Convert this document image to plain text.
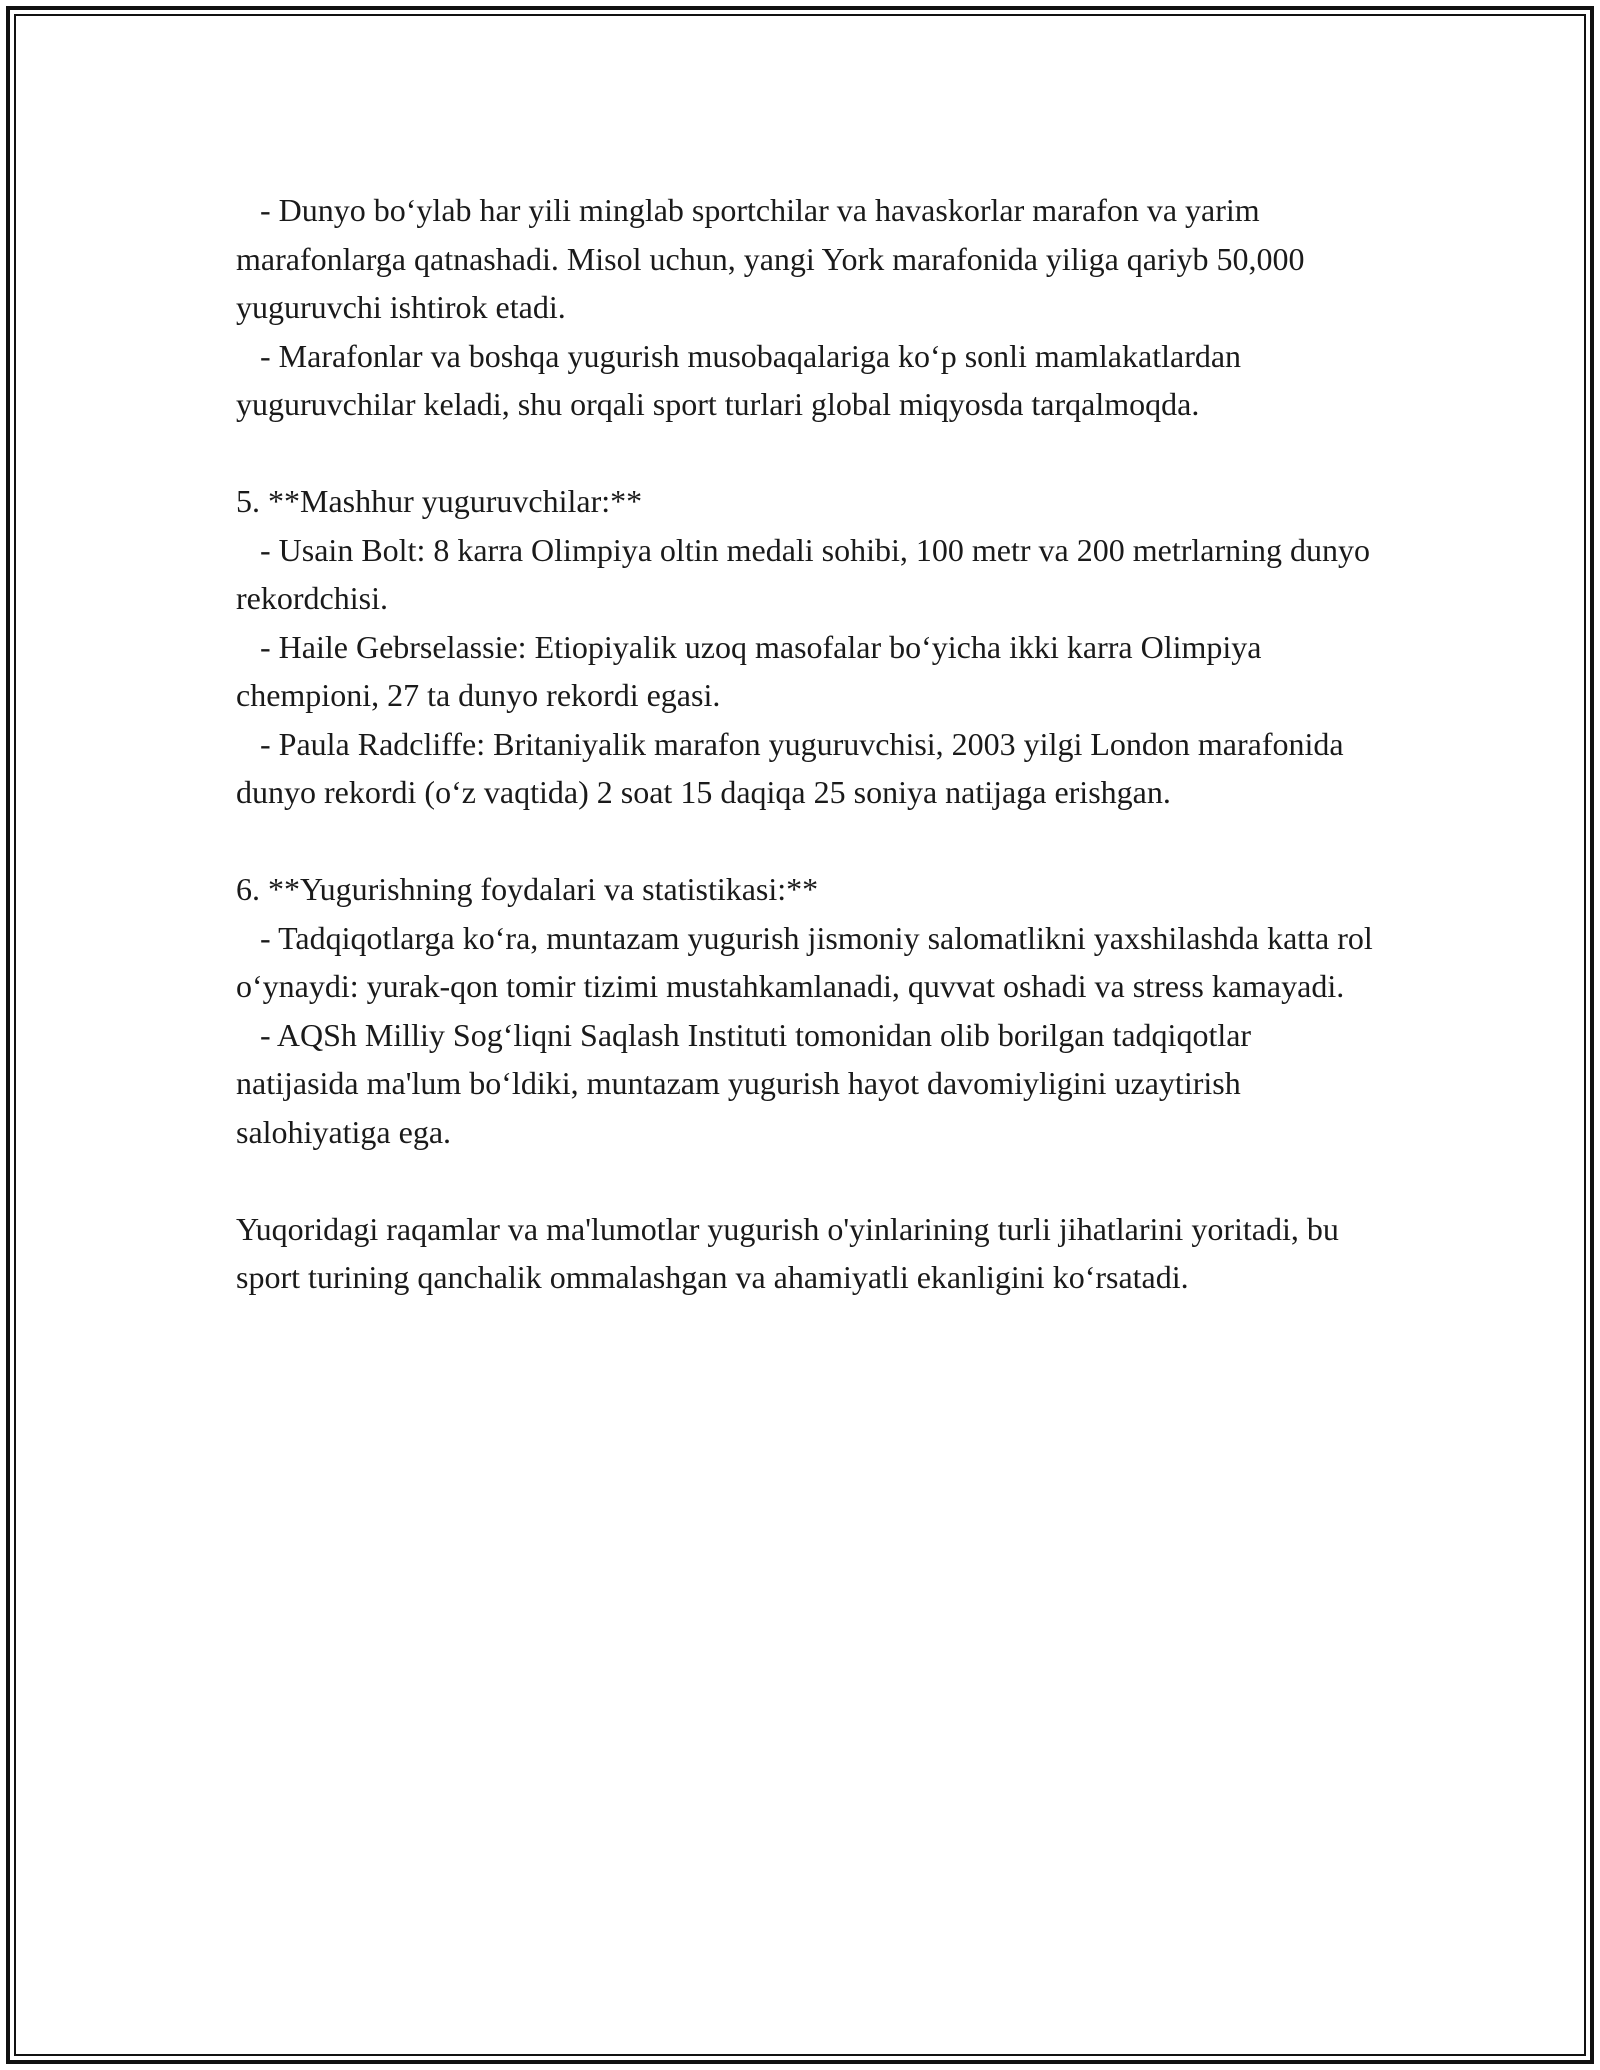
- Dunyo boʻylab har yili minglab sportchilar va havaskorlar marafon va yarim marafonlarga qatnashadi. Misol uchun, yangi York marafonida yiliga qariyb 50,000 yuguruvchi ishtirok etadi.

- Marafonlar va boshqa yugurish musobaqalariga koʻp sonli mamlakatlardan yuguruvchilar keladi, shu orqali sport turlari global miqyosda tarqalmoqda.

5. **Mashhur yuguruvchilar:**

- Usain Bolt: 8 karra Olimpiya oltin medali sohibi, 100 metr va 200 metrlarning dunyo rekordchisi.

- Haile Gebrselassie: Etiopiyalik uzoq masofalar boʻyicha ikki karra Olimpiya chempioni, 27 ta dunyo rekordi egasi.

- Paula Radcliffe: Britaniyalik marafon yuguruvchisi, 2003 yilgi London marafonida dunyo rekordi (oʻz vaqtida) 2 soat 15 daqiqa 25 soniya natijaga erishgan.

6. **Yugurishning foydalari va statistikasi:**

- Tadqiqotlarga koʻra, muntazam yugurish jismoniy salomatlikni yaxshilashda katta rol oʻynaydi: yurak-qon tomir tizimi mustahkamlanadi, quvvat oshadi va stress kamayadi.

- AQSh Milliy Sogʻliqni Saqlash Instituti tomonidan olib borilgan tadqiqotlar natijasida ma'lum boʻldiki, muntazam yugurish hayot davomiyligini uzaytirish salohiyatiga ega.

Yuqoridagi raqamlar va ma'lumotlar yugurish o'yinlarining turli jihatlarini yoritadi, bu sport turining qanchalik ommalashgan va ahamiyatli ekanligini koʻrsatadi.
